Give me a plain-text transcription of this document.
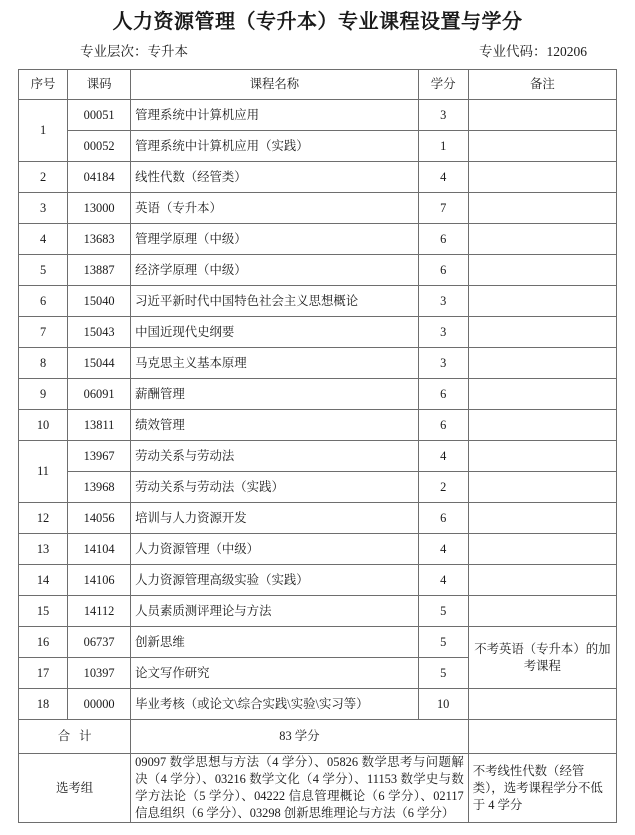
人力资源管理（专升本）专业课程设置与学分
专业层次：专升本	专业代码：120206
序号	课码	课程名称	学分	备注
1	00051	管理系统中计算机应用	3	
	00052	管理系统中计算机应用（实践）	1	
2	04184	线性代数（经管类）	4	
3	13000	英语（专升本）	7	
4	13683	管理学原理（中级）	6	
5	13887	经济学原理（中级）	6	
6	15040	习近平新时代中国特色社会主义思想概论	3	
7	15043	中国近现代史纲要	3	
8	15044	马克思主义基本原理	3	
9	06091	薪酬管理	6	
10	13811	绩效管理	6	
11	13967	劳动关系与劳动法	4	
	13968	劳动关系与劳动法（实践）	2	
12	14056	培训与人力资源开发	6	
13	14104	人力资源管理（中级）	4	
14	14106	人力资源管理高级实验（实践）	4	
15	14112	人员素质测评理论与方法	5	
16	06737	创新思维	5	不考英语（专升本）的加考课程
17	10397	论文写作研究	5	
18	00000	毕业考核（或论文\综合实践\实验\实习等）	10	
合计		83 学分		
选考组		09097 数学思想与方法（4 学分）、05826 数学思考与问题解决（4 学分）、03216 数学文化（4 学分）、11153 数学史与数学方法论（5 学分）、04222 信息管理概论（6 学分）、02117 信息组织（6 学分）、03298 创新思维理论与方法（6 学分）		不考线性代数（经管类），选考课程学分不低于 4 学分
